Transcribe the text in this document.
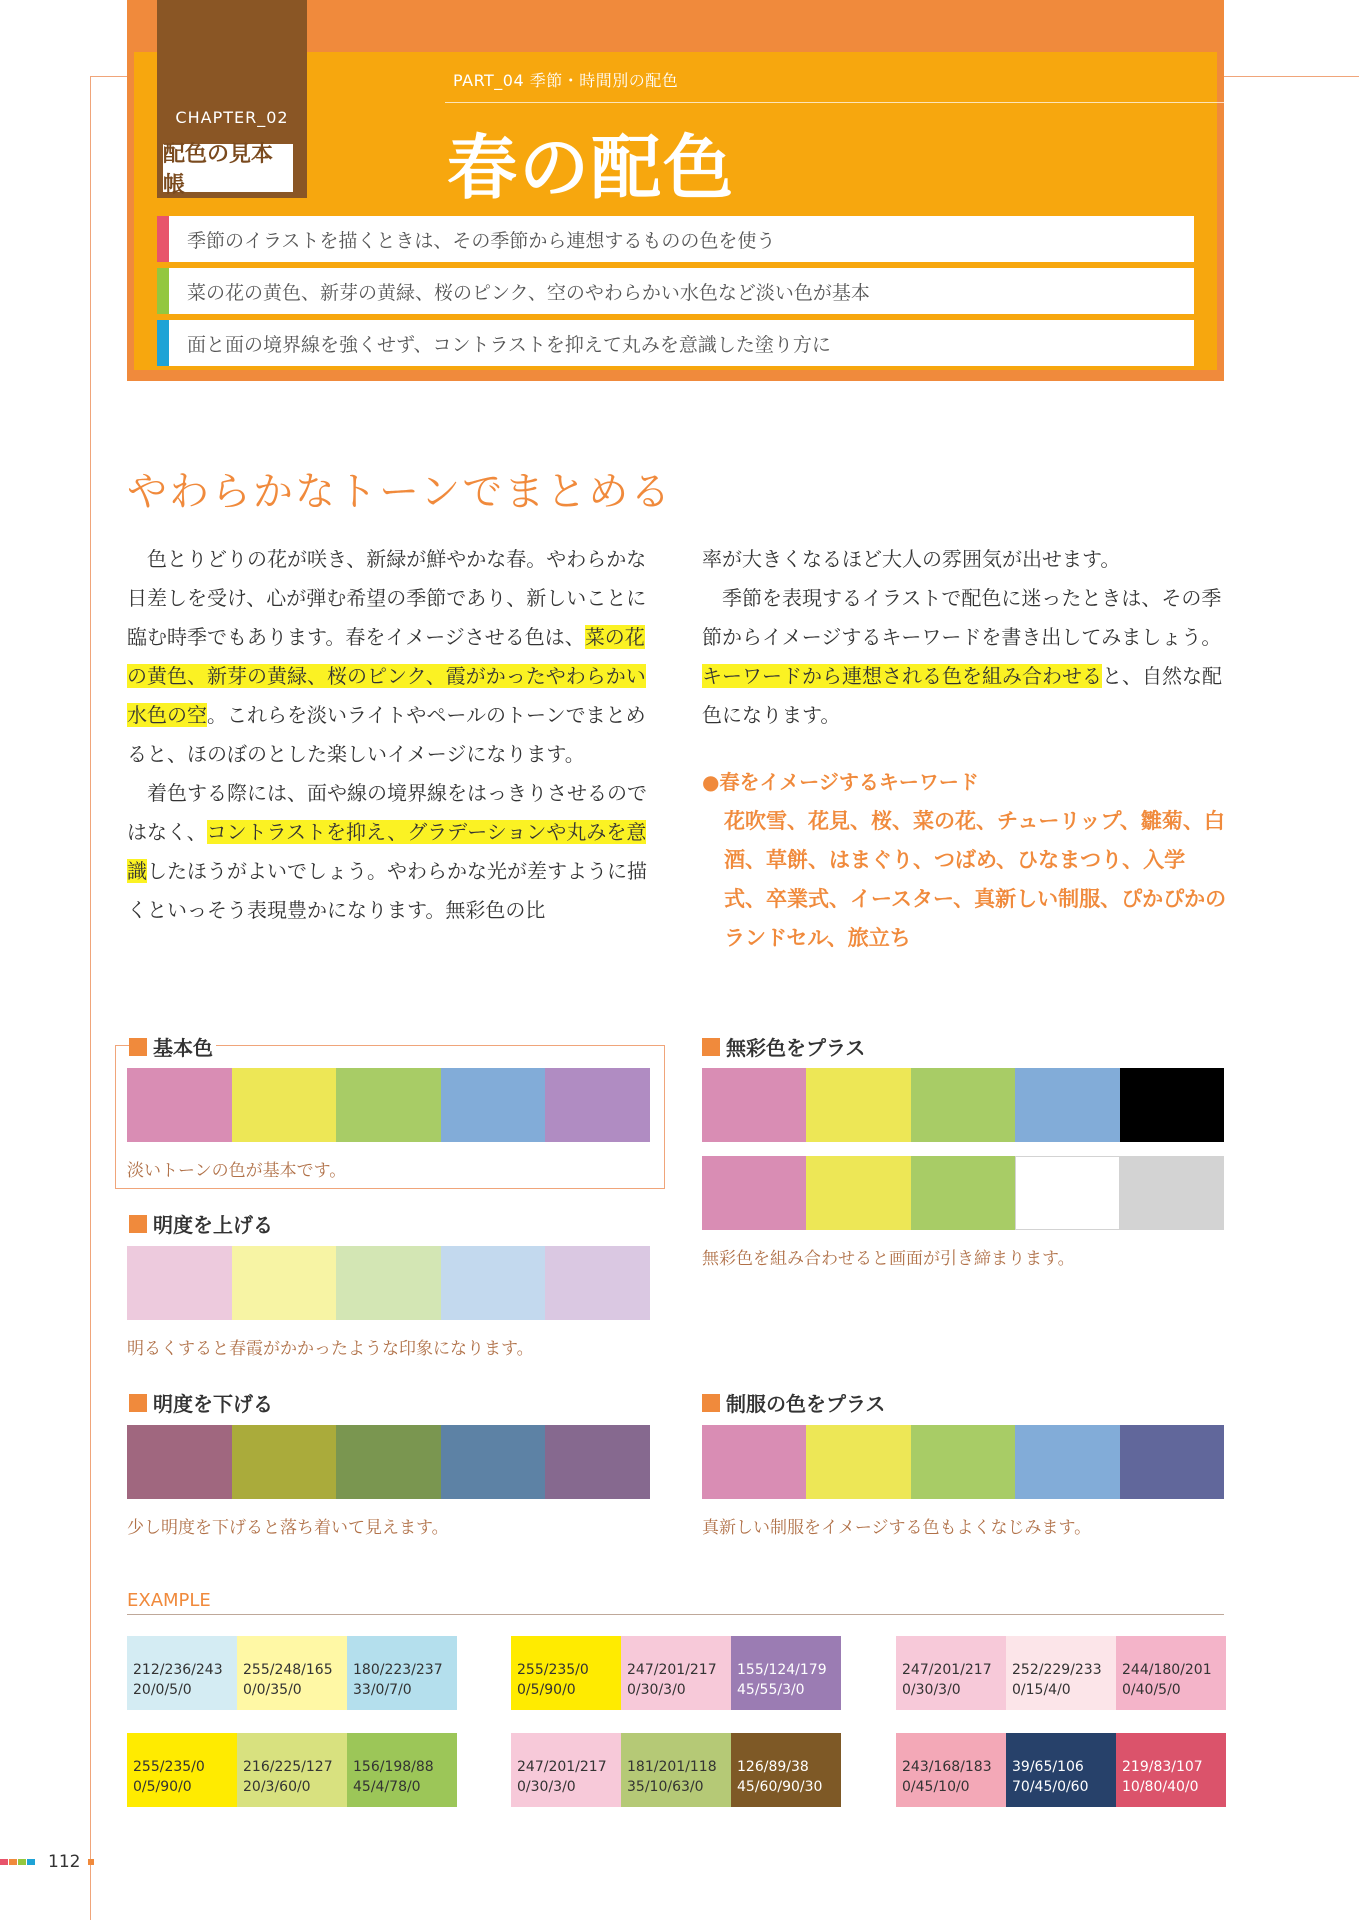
CHAPTER_02
配色の見本帳
PART_04 季節・時間別の配色
春の配色
季節のイラストを描くときは、その季節から連想するものの色を使う
菜の花の黄色、新芽の黄緑、桜のピンク、空のやわらかい水色など淡い色が基本
面と面の境界線を強くせず、コントラストを抑えて丸みを意識した塗り方に
やわらかなトーンでまとめる

色とりどりの花が咲き、新緑が鮮やかな春。やわらかな日差しを受け、心が弾む希望の季節であり、新しいことに臨む時季でもあります。春をイメージさせる色は、菜の花の黄色、新芽の黄緑、桜のピンク、霞がかったやわらかい水色の空。これらを淡いライトやペールのトーンでまとめると、ほのぼのとした楽しいイメージになります。

着色する際には、面や線の境界線をはっきりさせるのではなく、コントラストを抑え、グラデーションや丸みを意識したほうがよいでしょう。やわらかな光が差すように描くといっそう表現豊かになります。無彩色の比

率が大きくなるほど大人の雰囲気が出せます。

季節を表現するイラストで配色に迷ったときは、その季節からイメージするキーワードを書き出してみましょう。キーワードから連想される色を組み合わせると、自然な配色になります。

●春をイメージするキーワード
花吹雪、花見、桜、菜の花、チューリップ、雛菊、白酒、草餅、はまぐり、つばめ、ひなまつり、入学式、卒業式、イースター、真新しい制服、ぴかぴかのランドセル、旅立ち
基本色
淡いトーンの色が基本です。
明度を上げる
明るくすると春霞がかかったような印象になります。
明度を下げる
少し明度を下げると落ち着いて見えます。
無彩色をプラス
無彩色を組み合わせると画面が引き締まります。
制服の色をプラス
真新しい制服をイメージする色もよくなじみます。
EXAMPLE
212/236/243
20/0/5/0
255/248/165
0/0/35/0
180/223/237
33/0/7/0
255/235/0
0/5/90/0
216/225/127
20/3/60/0
156/198/88
45/4/78/0
255/235/0
0/5/90/0
247/201/217
0/30/3/0
155/124/179
45/55/3/0
247/201/217
0/30/3/0
181/201/118
35/10/63/0
126/89/38
45/60/90/30
247/201/217
0/30/3/0
252/229/233
0/15/4/0
244/180/201
0/40/5/0
243/168/183
0/45/10/0
39/65/106
70/45/0/60
219/83/107
10/80/40/0
112
